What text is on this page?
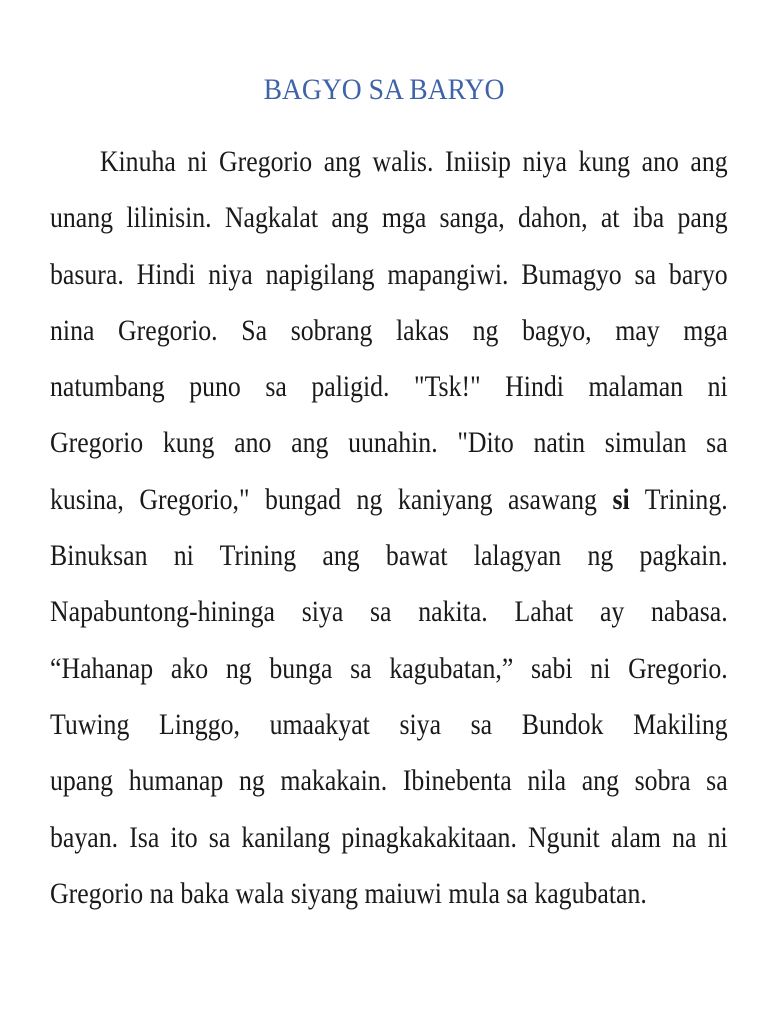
BAGYO SA BARYO
Kinuha ni Gregorio ang walis. Iniisip niya kung ano ang
unang lilinisin. Nagkalat ang mga sanga, dahon, at iba pang
basura. Hindi niya napigilang mapangiwi. Bumagyo sa baryo
nina Gregorio. Sa sobrang lakas ng bagyo, may mga
natumbang puno sa paligid. "Tsk!" Hindi malaman ni
Gregorio kung ano ang uunahin. "Dito natin simulan sa
kusina, Gregorio," bungad ng kaniyang asawang si Trining.
Binuksan ni Trining ang bawat lalagyan ng pagkain.
Napabuntong-hininga siya sa nakita. Lahat ay nabasa.
“Hahanap ako ng bunga sa kagubatan,” sabi ni Gregorio.
Tuwing Linggo, umaakyat siya sa Bundok Makiling
upang humanap ng makakain. Ibinebenta nila ang sobra sa
bayan. Isa ito sa kanilang pinagkakakitaan. Ngunit alam na ni
Gregorio na baka wala siyang maiuwi mula sa kagubatan.
